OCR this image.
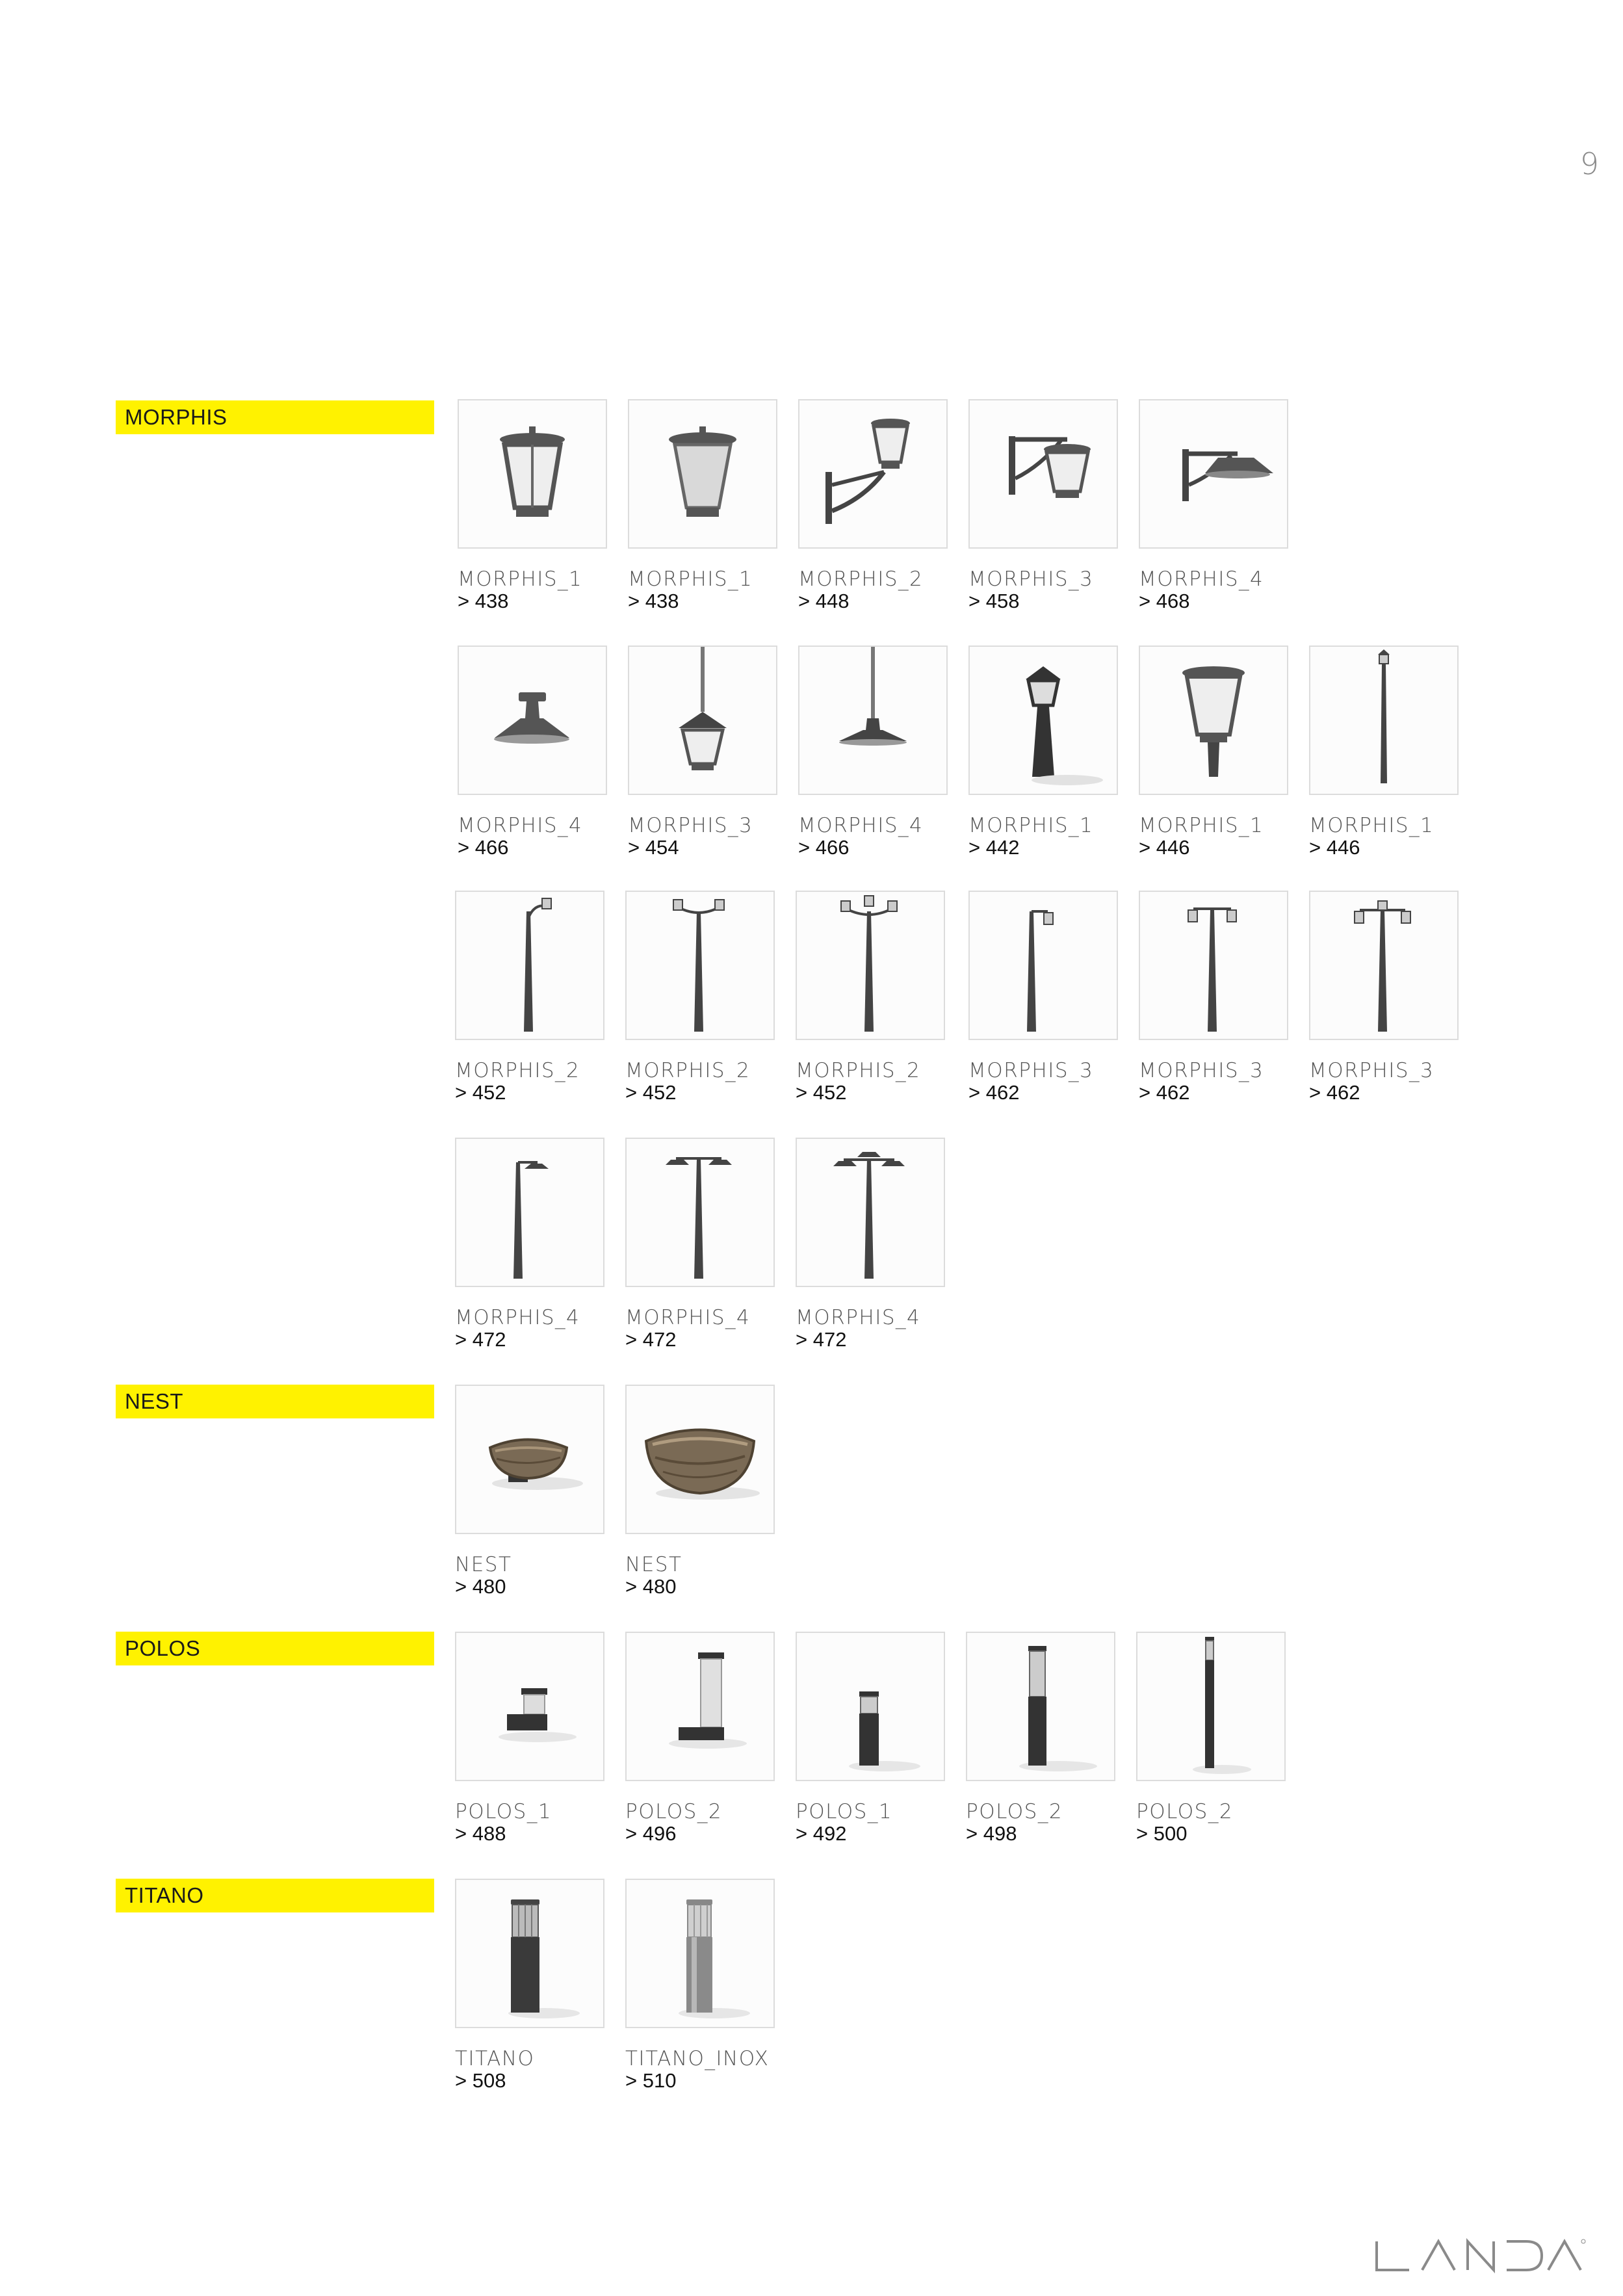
9
MORPHIS
NEST
POLOS
TITANO
MORPHIS_1
> 438
MORPHIS_1
> 438
MORPHIS_2
> 448
MORPHIS_3
> 458
MORPHIS_4
> 468
MORPHIS_4
> 466
MORPHIS_3
> 454
MORPHIS_4
> 466
MORPHIS_1
> 442
MORPHIS_1
> 446
MORPHIS_1
> 446
MORPHIS_2
> 452
MORPHIS_2
> 452
MORPHIS_2
> 452
MORPHIS_3
> 462
MORPHIS_3
> 462
MORPHIS_3
> 462
MORPHIS_4
> 472
MORPHIS_4
> 472
MORPHIS_4
> 472
NEST
> 480
NEST
> 480
POLOS_1
> 488
POLOS_2
> 496
POLOS_1
> 492
POLOS_2
> 498
POLOS_2
> 500
TITANO
> 508
TITANO_INOX
> 510
